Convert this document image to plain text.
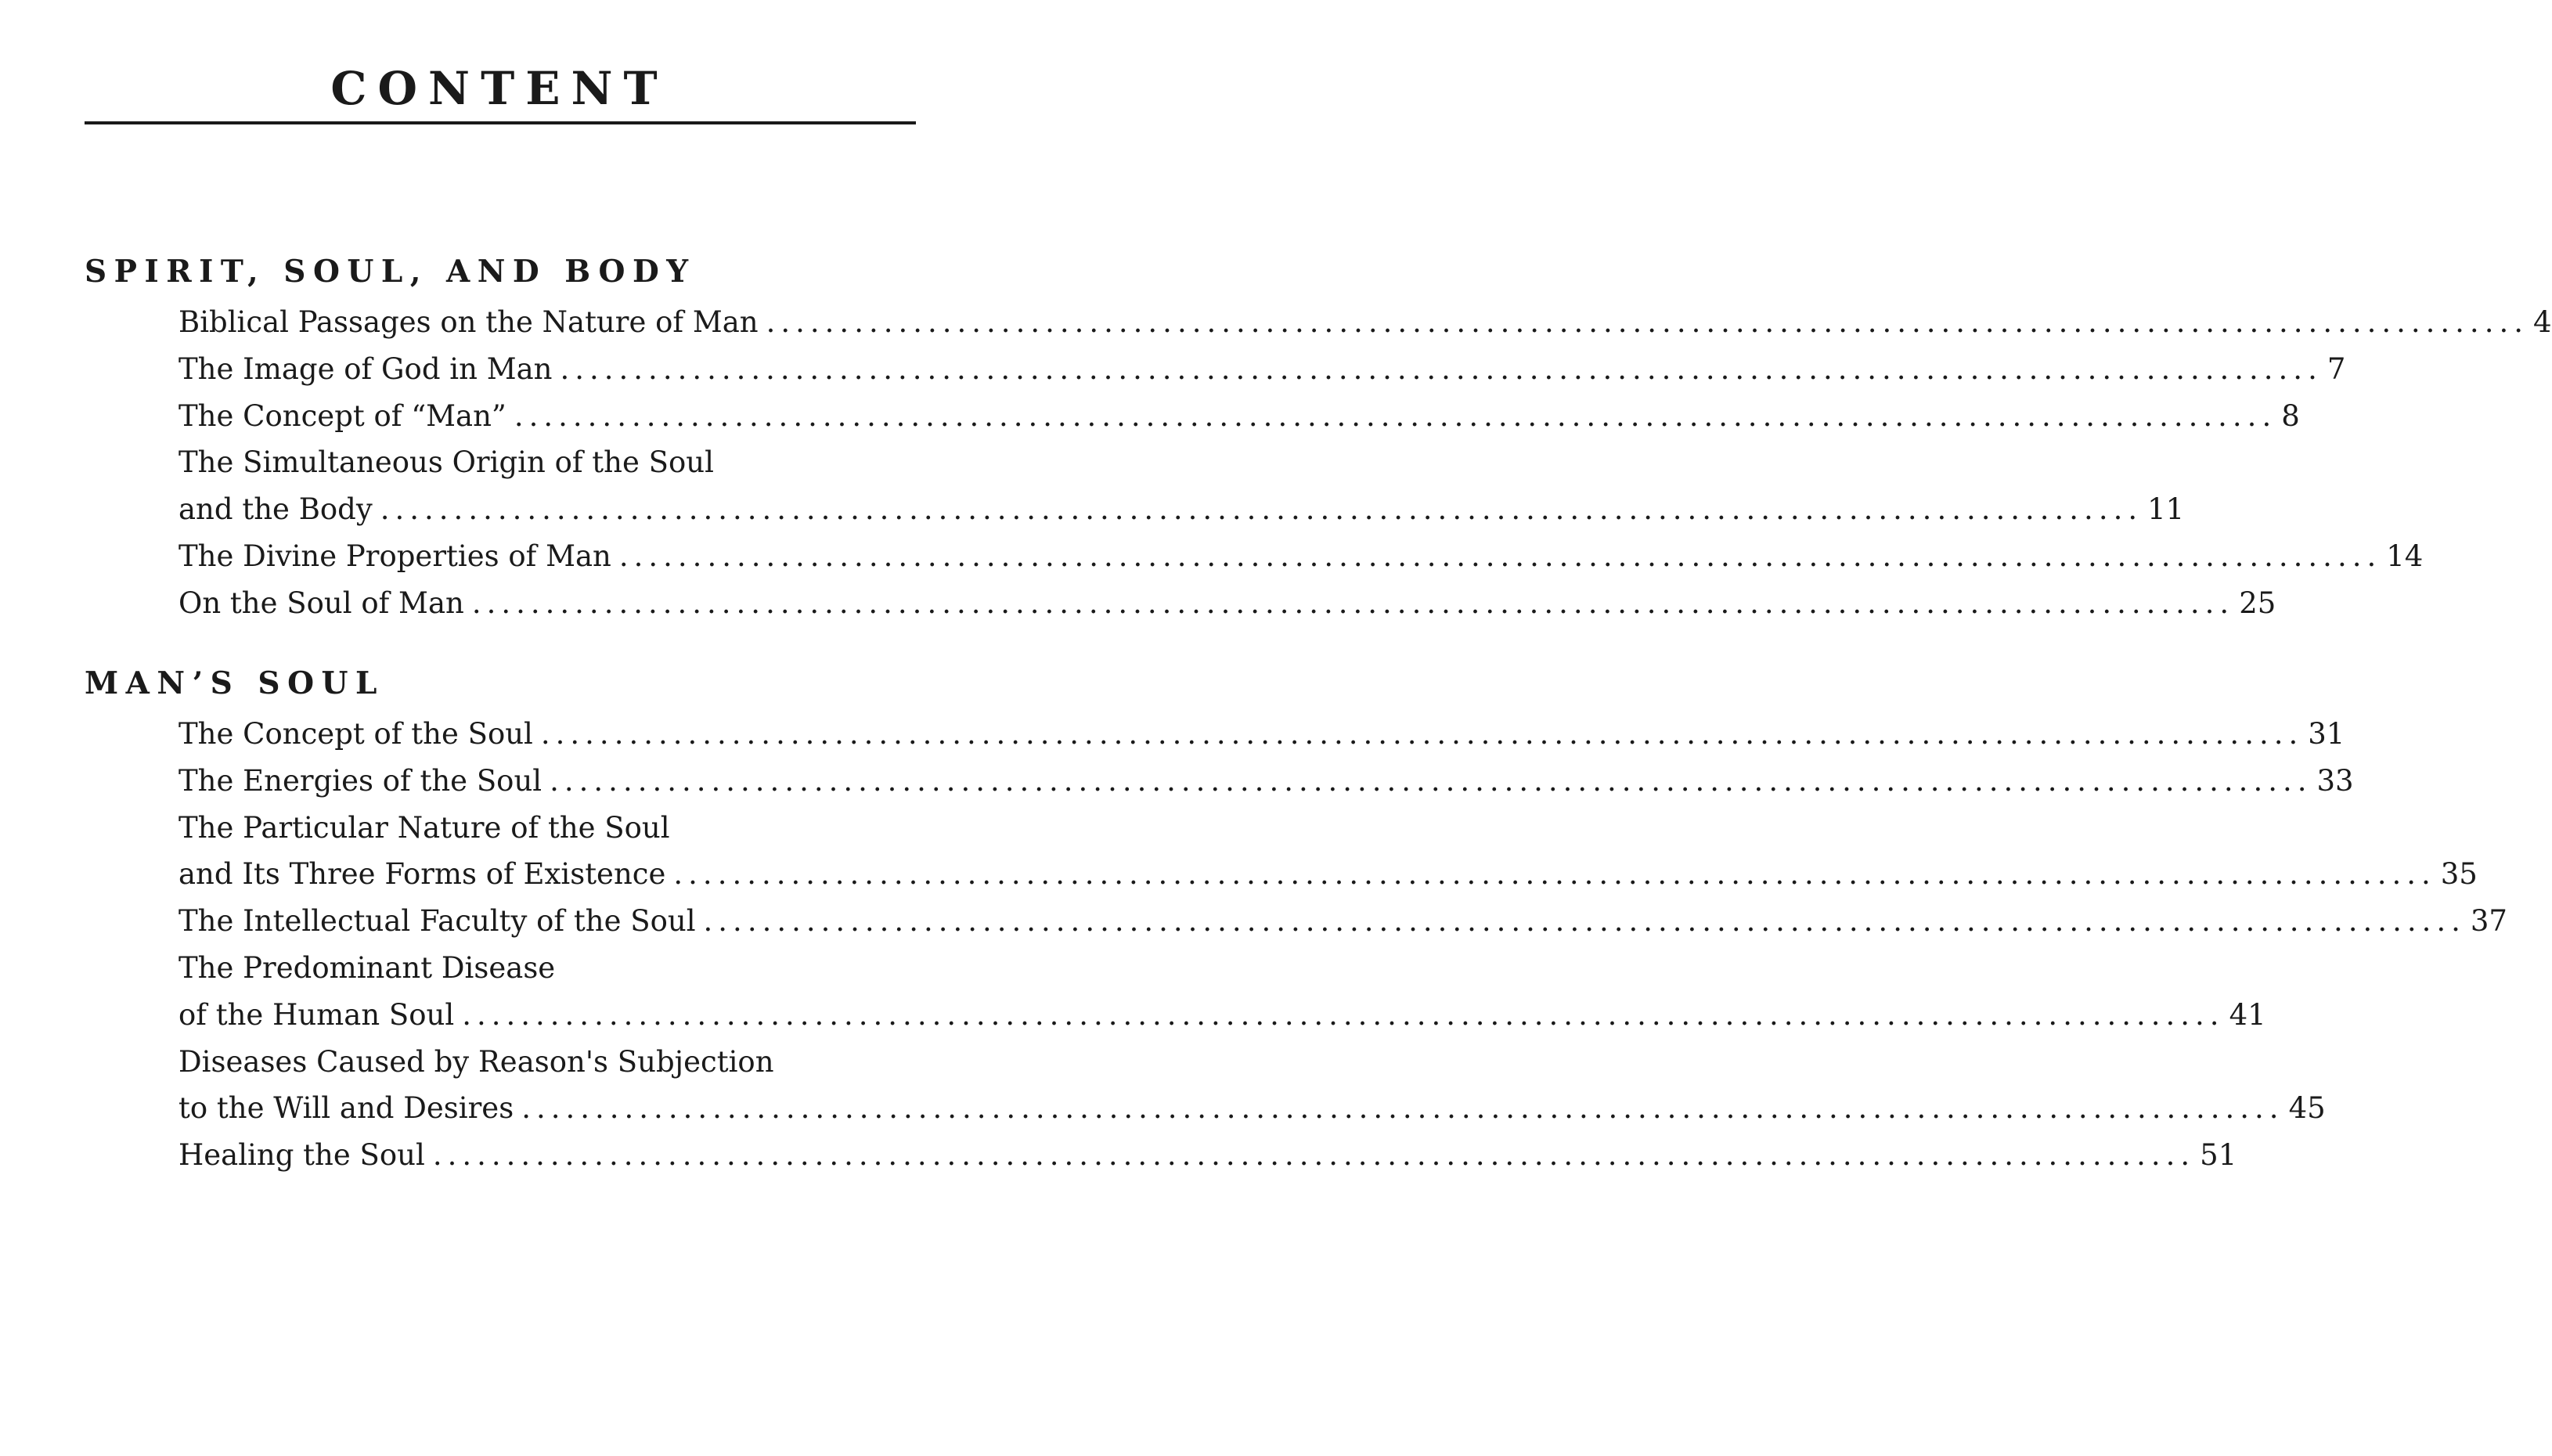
CONTENT
SPIRIT, SOUL, AND BODY
Biblical Passages on the Nature of Man ........................................................................................................................ 4
The Image of God in Man ........................................................................................................................ 7
The Concept of “Man” ........................................................................................................................ 8
The Simultaneous Origin of the Soul
and the Body ........................................................................................................................ 11
The Divine Properties of Man ........................................................................................................................ 14
On the Soul of Man ........................................................................................................................ 25
MAN’S SOUL
The Concept of the Soul ........................................................................................................................ 31
The Energies of the Soul ........................................................................................................................ 33
The Particular Nature of the Soul
and Its Three Forms of Existence ........................................................................................................................ 35
The Intellectual Faculty of the Soul ........................................................................................................................ 37
The Predominant Disease
of the Human Soul ........................................................................................................................ 41
Diseases Caused by Reason's Subjection
to the Will and Desires ........................................................................................................................ 45
Healing the Soul ........................................................................................................................ 51
